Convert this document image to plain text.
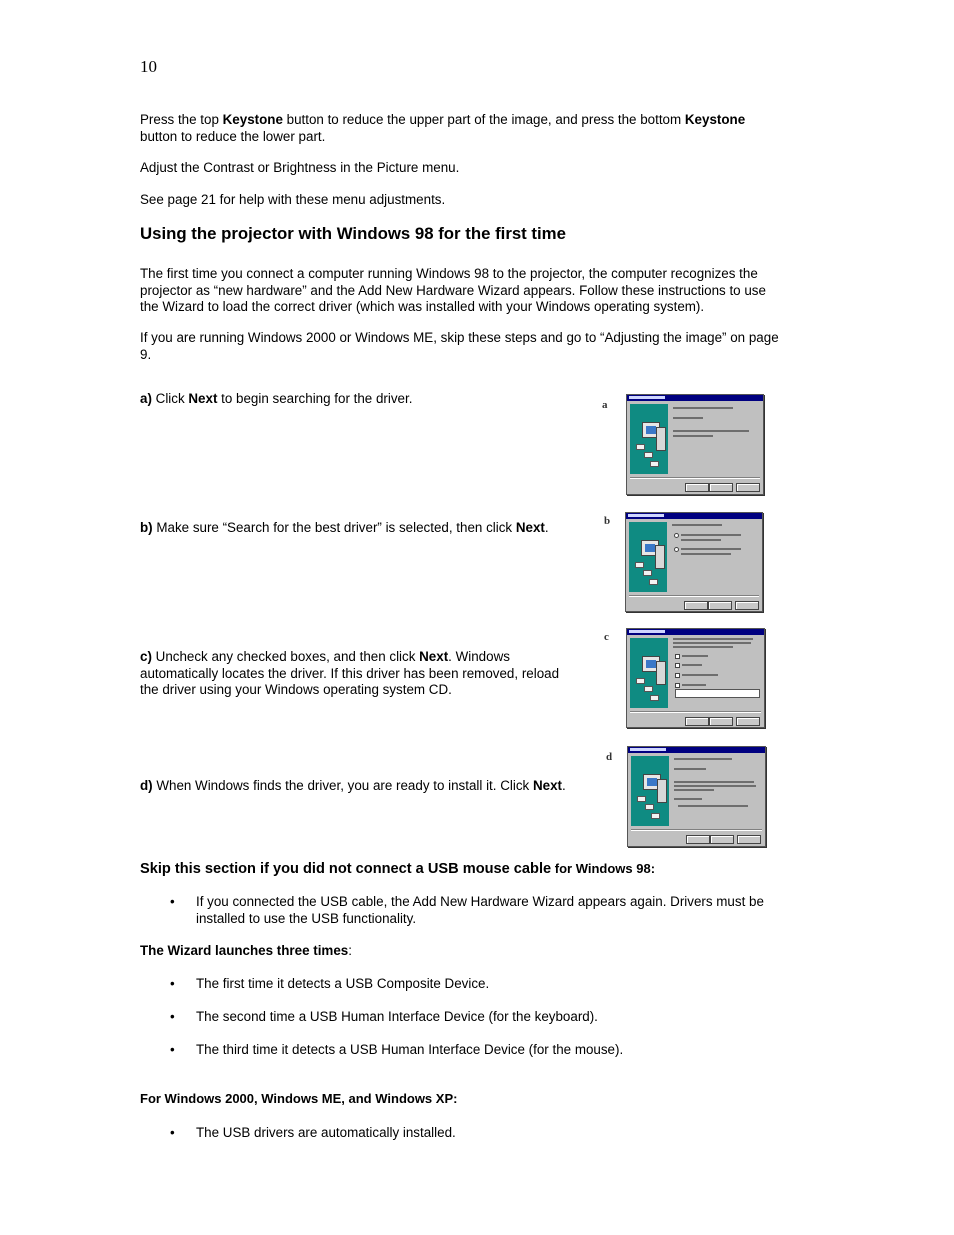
10
Press the top Keystone button to reduce the upper part of the image, and press the bottom Keystone
button to reduce the lower part.
Adjust the Contrast or Brightness in the Picture menu.
See page 21 for help with these menu adjustments.
Using the projector with Windows 98 for the first time
The first time you connect a computer running Windows 98 to the projector, the computer recognizes the
projector as “new hardware” and the Add New Hardware Wizard appears. Follow these instructions to use
the Wizard to load the correct driver (which was installed with your Windows operating system).
If you are running Windows 2000 or Windows ME, skip these steps and go to “Adjusting the image” on page
9.
a) Click Next to begin searching for the driver.
b) Make sure “Search for the best driver” is selected, then click Next.
c) Uncheck any checked boxes, and then click Next. Windows
automatically locates the driver. If this driver has been removed, reload
the driver using your Windows operating system CD.
d) When Windows finds the driver, you are ready to install it. Click Next.
a
b
c
d
Skip this section if you did not connect a USB mouse cable for Windows 98:
• If you connected the USB cable, the Add New Hardware Wizard appears again. Drivers must be
installed to use the USB functionality.
The Wizard launches three times:
• The first time it detects a USB Composite Device.
• The second time a USB Human Interface Device (for the keyboard).
• The third time it detects a USB Human Interface Device (for the mouse).
For Windows 2000, Windows ME, and Windows XP:
• The USB drivers are automatically installed.
